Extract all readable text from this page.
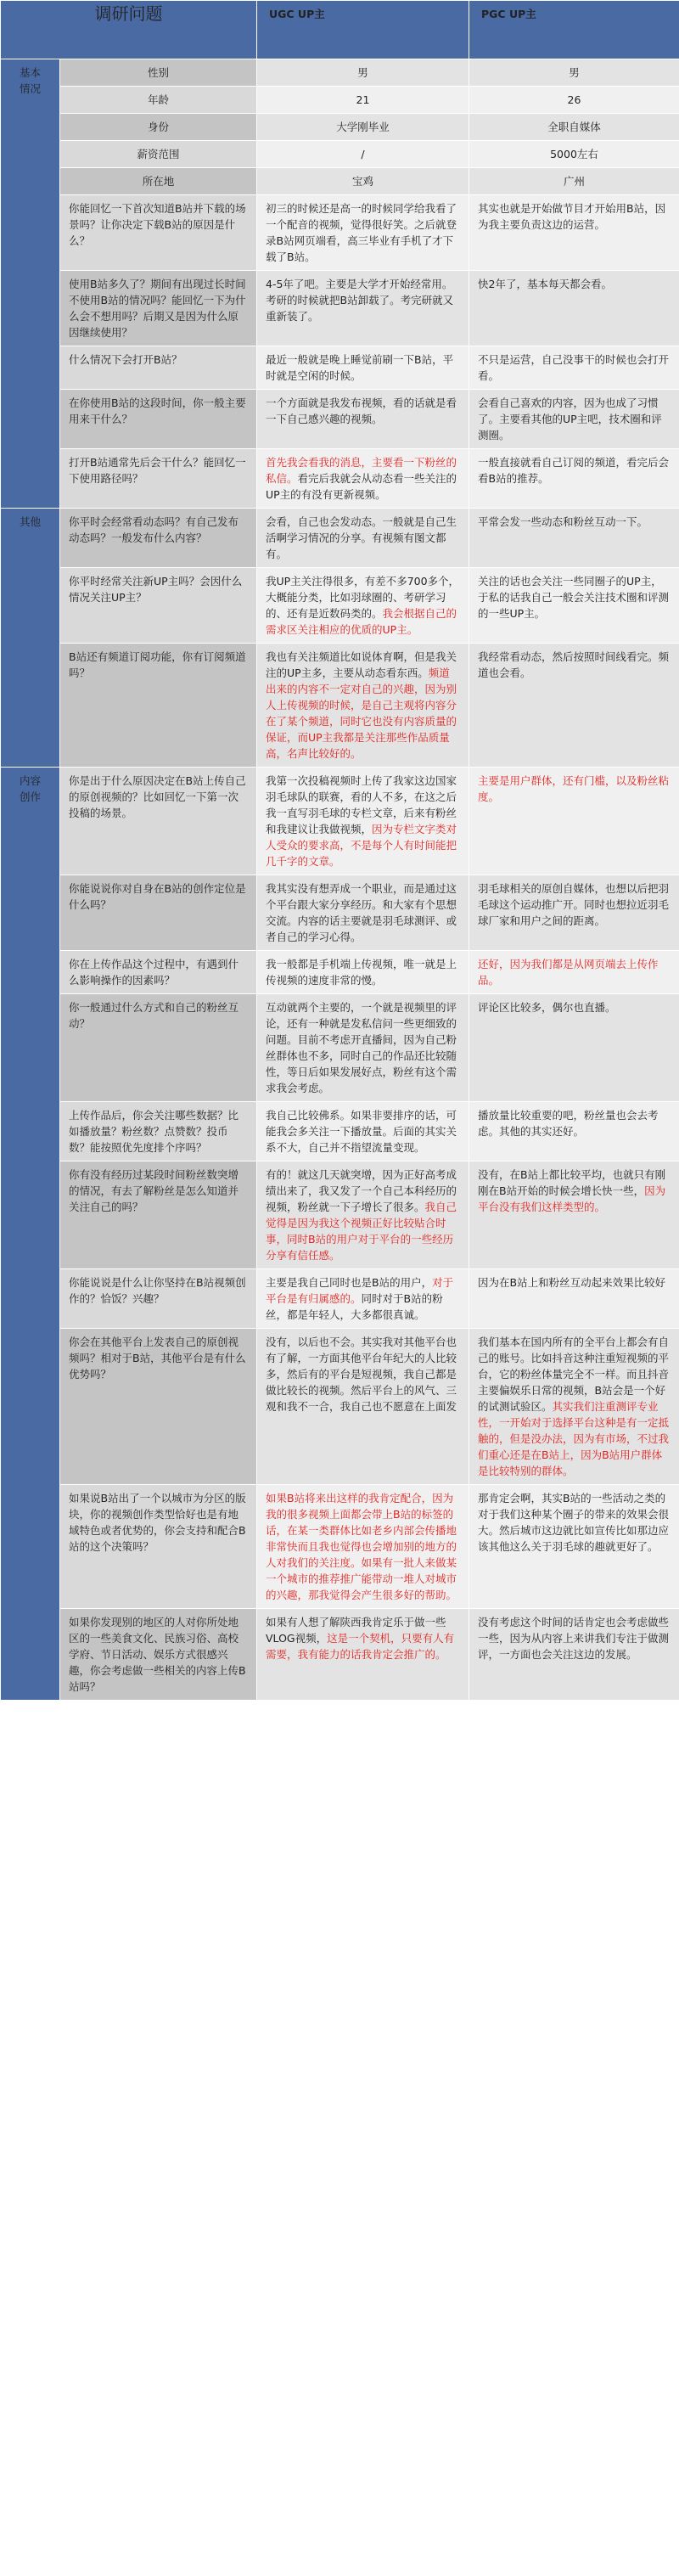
调研问题		UGC UP主	PGC UP主
基本情况	性别	男	男
	年龄	21	26
	身份	大学刚毕业	全职自媒体
	薪资范围	/	5000左右
	所在地	宝鸡	广州
	你能回忆一下首次知道B站并下载的场景吗？让你决定下载B站的原因是什么？	初三的时候还是高一的时候同学给我看了一个配音的视频，觉得很好笑。之后就登录B站网页端看，高三毕业有手机了才下载了B站。	其实也就是开始做节目才开始用B站，因为我主要负责这边的运营。
	使用B站多久了？期间有出现过长时间不使用B站的情况吗？能回忆一下为什么会不想用吗？后期又是因为什么原因继续使用？	4-5年了吧。主要是大学才开始经常用。考研的时候就把B站卸载了。考完研就又重新装了。	快2年了，基本每天都会看。
	什么情况下会打开B站？	最近一般就是晚上睡觉前刷一下B站，平时就是空闲的时候。	不只是运营，自己没事干的时候也会打开看。
	在你使用B站的这段时间，你一般主要用来干什么？	一个方面就是我发布视频，看的话就是看一下自己感兴趣的视频。	会看自己喜欢的内容，因为也成了习惯了。主要看其他的UP主吧，技术圈和评测圈。
	打开B站通常先后会干什么？能回忆一下使用路径吗？	首先我会看我的消息，主要看一下粉丝的私信。看完后我就会从动态看一些关注的UP主的有没有更新视频。	一般直接就看自己订阅的频道，看完后会看B站的推荐。
其他	你平时会经常看动态吗？有自己发布动态吗？一般发布什么内容？	会看，自己也会发动态。一般就是自己生活啊学习情况的分享。有视频有图文都有。	平常会发一些动态和粉丝互动一下。
	你平时经常关注新UP主吗？会因什么情况关注UP主？	我UP主关注得很多，有差不多700多个，大概能分类，比如羽球圈的、考研学习的、还有是近数码类的。我会根据自己的需求区关注相应的优质的UP主。	关注的话也会关注一些同圈子的UP主，于私的话我自己一般会关注技术圈和评测的一些UP主。
	B站还有频道订阅功能，你有订阅频道吗？	我也有关注频道比如说体育啊，但是我关注的UP主多，主要从动态看东西。频道出来的内容不一定对自己的兴趣，因为别人上传视频的时候，是自己主观将内容分在了某个频道，同时它也没有内容质量的保证，而UP主我都是关注那些作品质量高，名声比较好的。	我经常看动态，然后按照时间线看完。频道也会看。
内容创作	你是出于什么原因决定在B站上传自己的原创视频的？比如回忆一下第一次投稿的场景。	我第一次投稿视频时上传了我家这边国家羽毛球队的联赛，看的人不多，在这之后我一直写羽毛球的专栏文章，后来有粉丝和我建议让我做视频，因为专栏文字类对人受众的要求高，不是每个人有时间能把几千字的文章。	主要是用户群体，还有门槛，以及粉丝粘度。
	你能说说你对自身在B站的创作定位是什么吗？	我其实没有想弄成一个职业，而是通过这个平台跟大家分享经历。和大家有个思想交流。内容的话主要就是羽毛球测评、或者自己的学习心得。	羽毛球相关的原创自媒体，也想以后把羽毛球这个运动推广开。同时也想拉近羽毛球厂家和用户之间的距离。
	你在上传作品这个过程中，有遇到什么影响操作的因素吗？	我一般都是手机端上传视频，唯一就是上传视频的速度非常的慢。	还好，因为我们都是从网页端去上传作品。
	你一般通过什么方式和自己的粉丝互动？	互动就两个主要的，一个就是视频里的评论，还有一种就是发私信问一些更细致的问题。目前不考虑开直播间，因为自己粉丝群体也不多，同时自己的作品还比较随性，等日后如果发展好点，粉丝有这个需求我会考虑。	评论区比较多，偶尔也直播。
	上传作品后，你会关注哪些数据？比如播放量？粉丝数？点赞数？投币数？能按照优先度排个序吗？	我自己比较佛系。如果非要排序的话，可能我会多关注一下播放量。后面的其实关系不大，自己并不指望流量变现。	播放量比较重要的吧，粉丝量也会去考虑。其他的其实还好。
	你有没有经历过某段时间粉丝数突增的情况，有去了解粉丝是怎么知道并关注自己的吗？	有的！就这几天就突增，因为正好高考成绩出来了，我又发了一个自己本科经历的视频，粉丝就一下子增长了很多。我自己觉得是因为我这个视频正好比较贴合时事，同时B站的用户对于平台的一些经历分享有信任感。	没有，在B站上都比较平均，也就只有刚刚在B站开始的时候会增长快一些，因为平台没有我们这样类型的。
	你能说说是什么让你坚持在B站视频创作的？恰饭？兴趣？	主要是我自己同时也是B站的用户，对于平台是有归属感的。同时对于B站的粉丝，都是年轻人，大多都很真诚。	因为在B站上和粉丝互动起来效果比较好
	你会在其他平台上发表自己的原创视频吗？相对于B站，其他平台是有什么优势吗？	没有，以后也不会。其实我对其他平台也有了解，一方面其他平台年纪大的人比较多，然后有的平台是短视频，我自己都是做比较长的视频。然后平台上的风气、三观和我不一合，我自己也不愿意在上面发	我们基本在国内所有的全平台上都会有自己的账号。比如抖音这种注重短视频的平台，它的粉丝体量完全不一样。而且抖音主要偏娱乐日常的视频，B站会是一个好的试测试验区。其实我们注重测评专业性，一开始对于选择平台这种是有一定抵触的，但是没办法，因为有市场，不过我们重心还是在B站上，因为B站用户群体是比较特别的群体。
	如果说B站出了一个以城市为分区的版块，你的视频创作类型恰好也是有地域特色或者优势的，你会支持和配合B站的这个决策吗？	如果B站将来出这样的我肯定配合，因为我的很多视频上面都会带上B站的标签的话，在某一类群体比如老乡内部会传播地非常快而且我也觉得也会增加别的地方的人对我们的关注度。如果有一批人来做某一个城市的推荐推广能带动一堆人对城市的兴趣，那我觉得会产生很多好的帮助。	那肯定会啊，其实B站的一些活动之类的对于我们这种某个圈子的带来的效果会很大。然后城市这边就比如宣传比如那边应该其他这么关于羽毛球的趣就更好了。
	如果你发现别的地区的人对你所处地区的一些美食文化、民族习俗、高校学府、节日活动、娱乐方式很感兴趣，你会考虑做一些相关的内容上传B站吗？	如果有人想了解陕西我肯定乐于做一些VLOG视频，这是一个契机，只要有人有需要，我有能力的话我肯定会推广的。	没有考虑这个时间的话肯定也会考虑做些一些，因为从内容上来讲我们专注于做测评，一方面也会关注这边的发展。
